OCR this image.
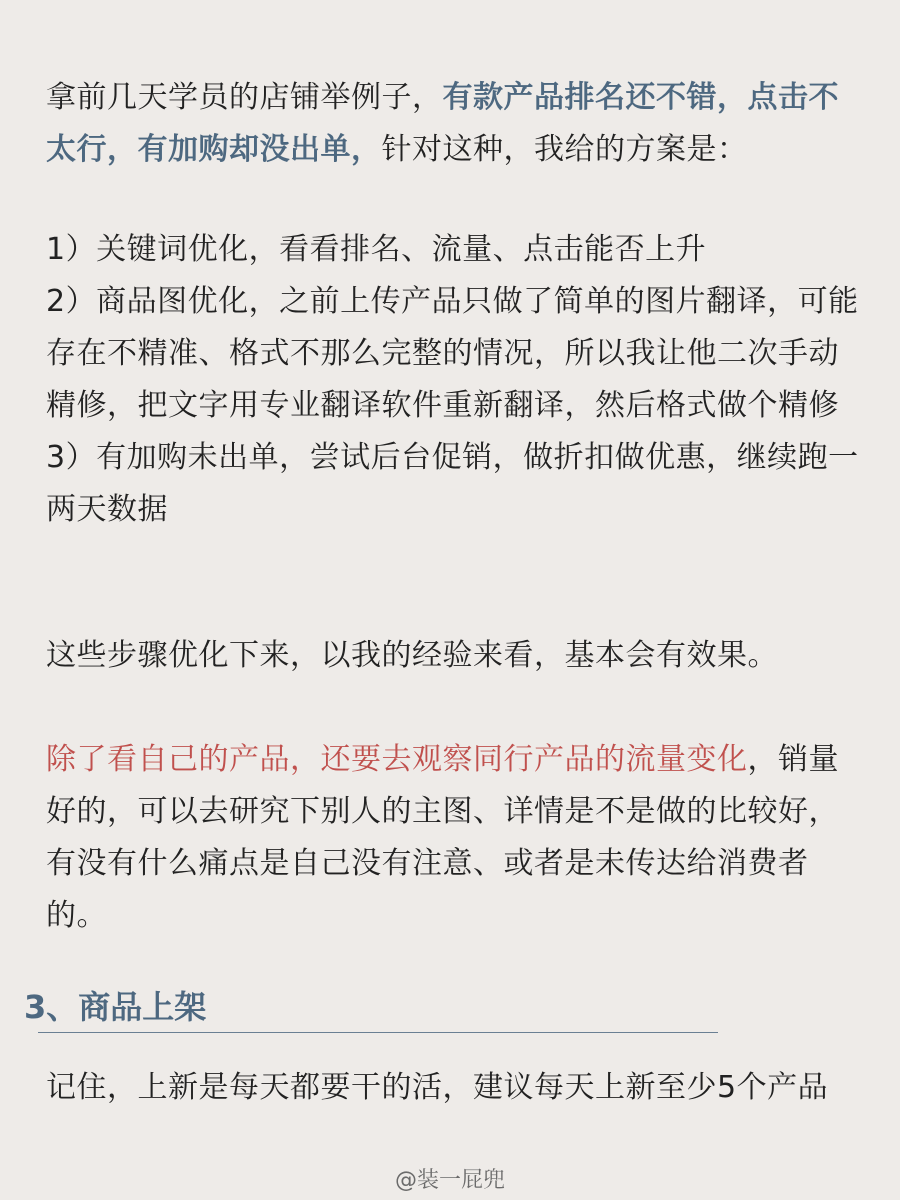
拿前几天学员的店铺举例子，有款产品排名还不错，点击不太行，有加购却没出单，针对这种，我给的方案是：

1）关键词优化，看看排名、流量、点击能否上升
2）商品图优化，之前上传产品只做了简单的图片翻译，可能存在不精准、格式不那么完整的情况，所以我让他二次手动精修，把文字用专业翻译软件重新翻译，然后格式做个精修
3）有加购未出单，尝试后台促销，做折扣做优惠，继续跑一两天数据

这些步骤优化下来，以我的经验来看，基本会有效果。

除了看自己的产品，还要去观察同行产品的流量变化，销量好的，可以去研究下别人的主图、详情是不是做的比较好，有没有什么痛点是自己没有注意、或者是未传达给消费者的。

3、商品上架

记住，上新是每天都要干的活，建议每天上新至少5个产品

@装一屁兜
